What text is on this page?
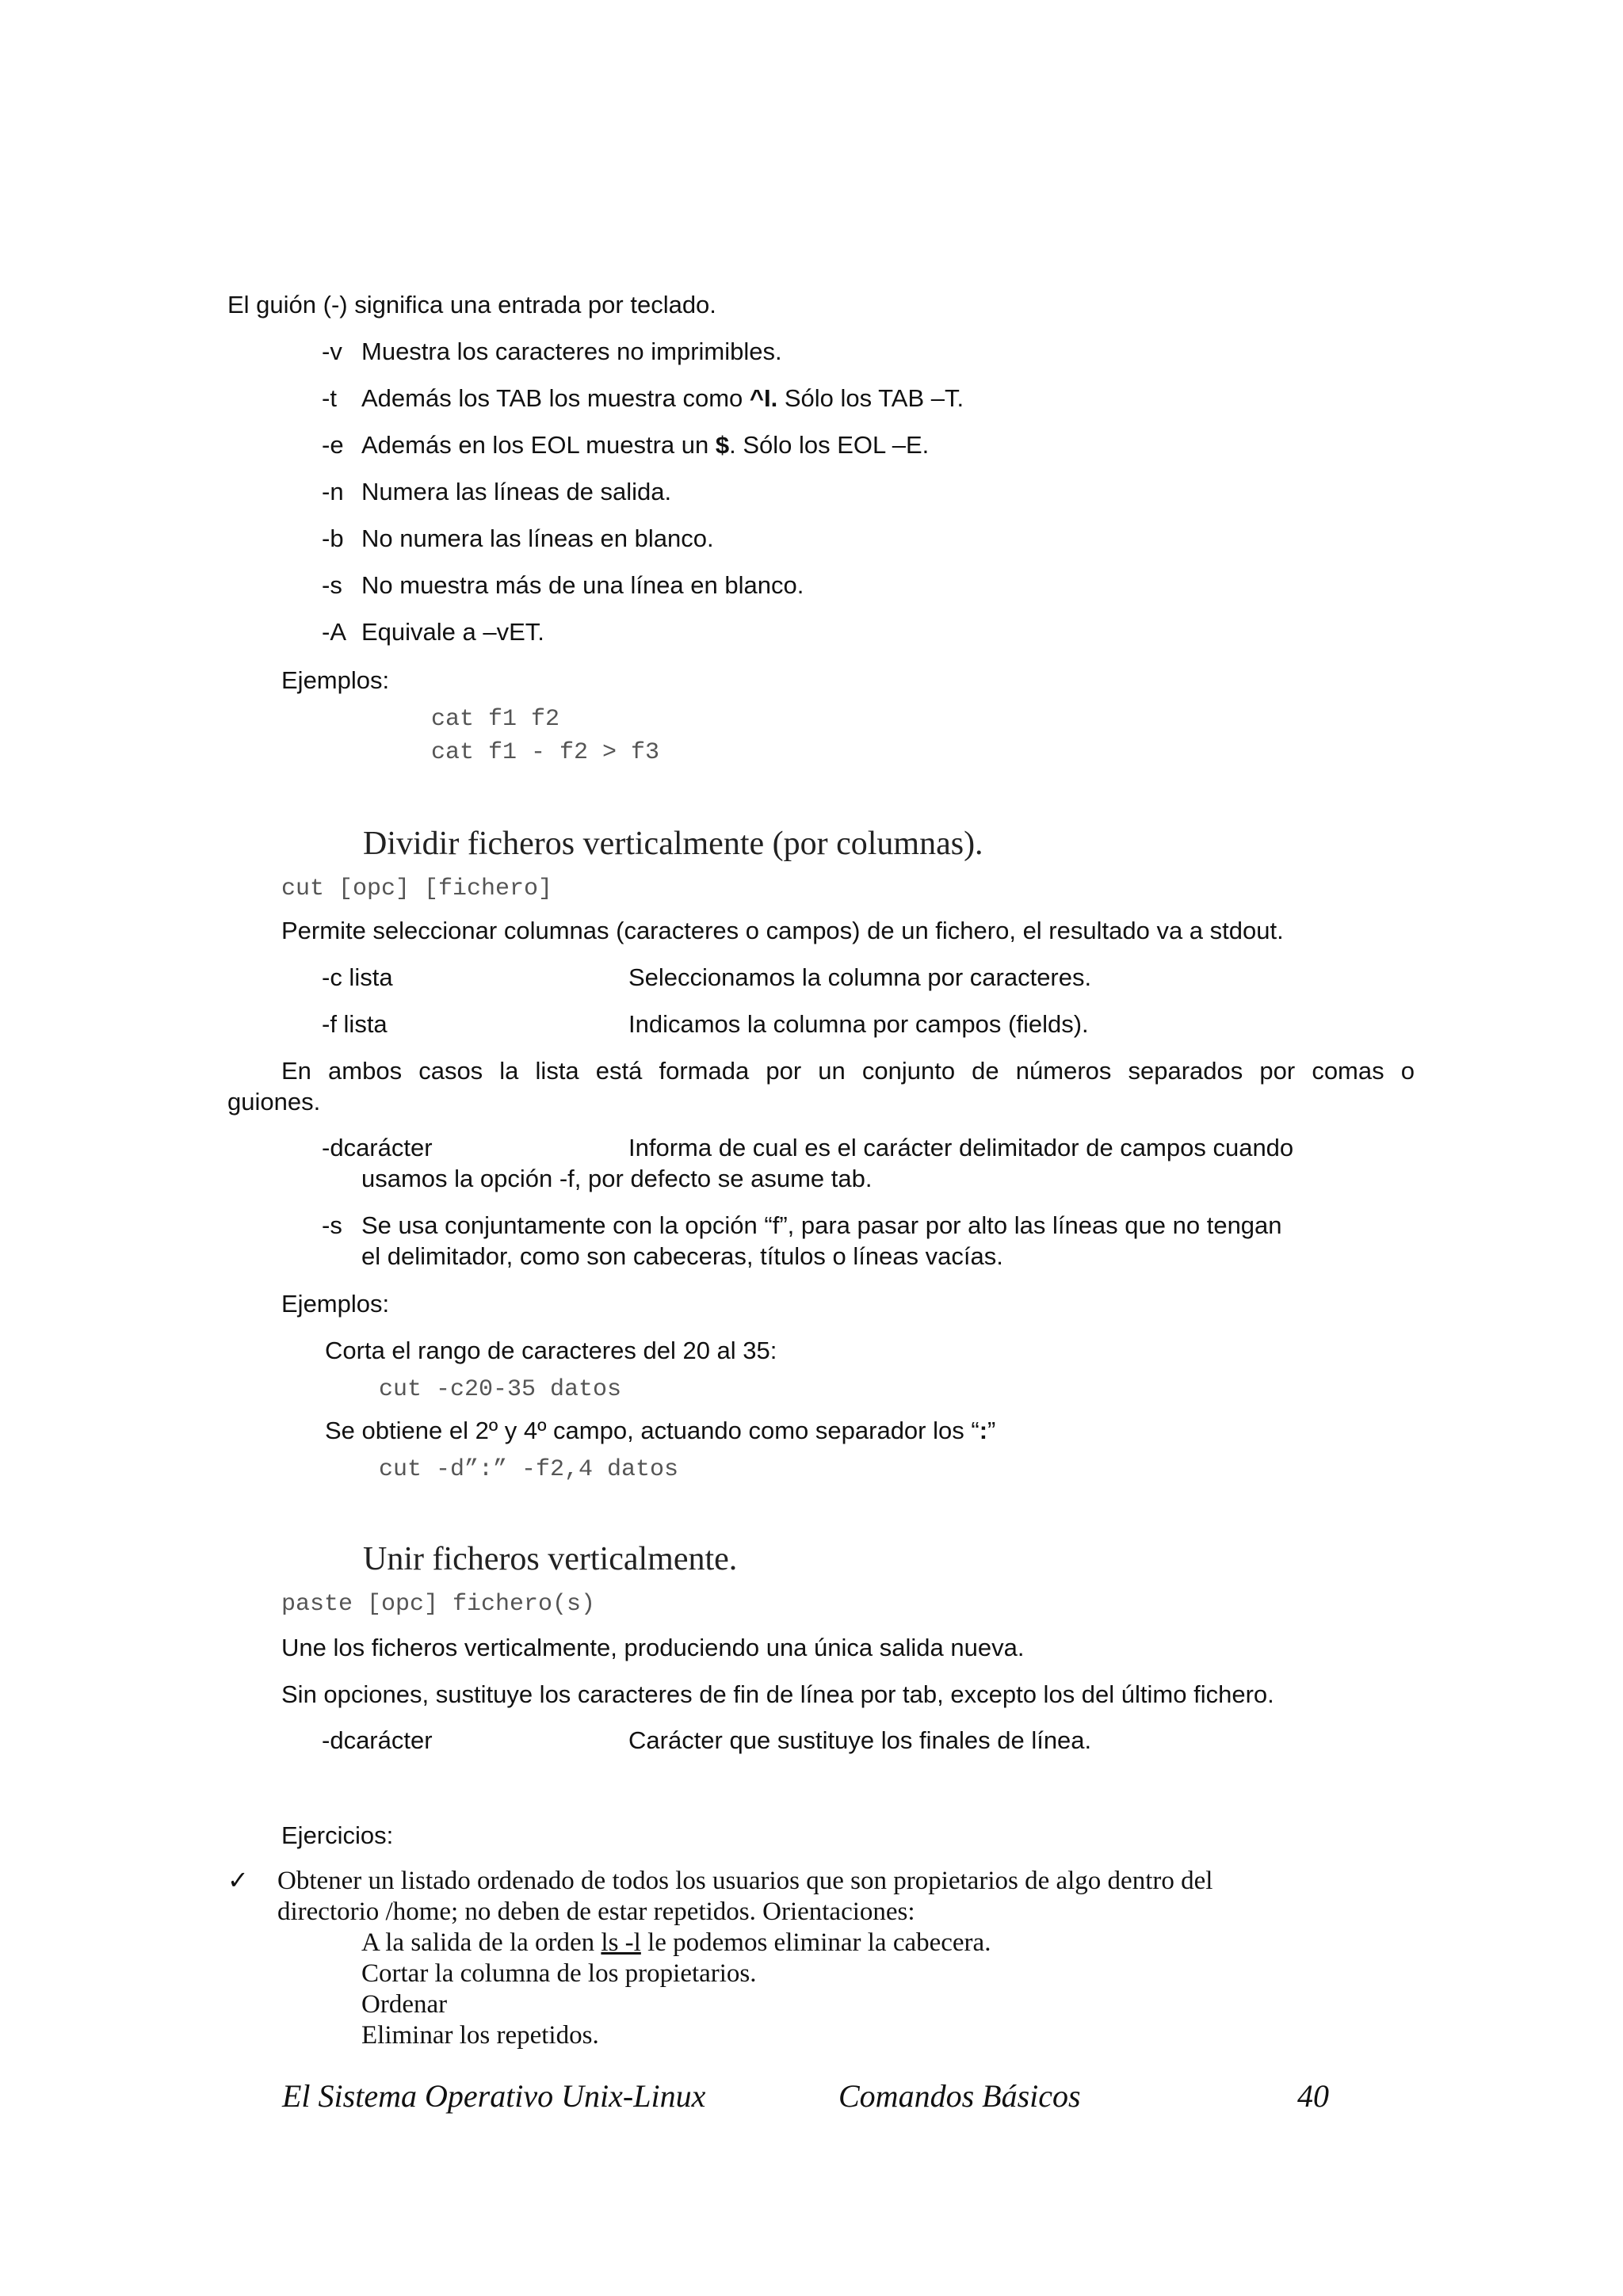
El guión (-) significa una entrada por teclado.
-v Muestra los caracteres no imprimibles.
-t Además los TAB los muestra como ^I. Sólo los TAB –T.
-e Además en los EOL muestra un $. Sólo los EOL –E.
-n Numera las líneas de salida.
-b No numera las líneas en blanco.
-s No muestra más de una línea en blanco.
-A Equivale a –vET.
Ejemplos:
cat f1 f2
cat f1 - f2 > f3
Dividir ficheros verticalmente (por columnas).
cut [opc] [fichero]
Permite seleccionar columnas (caracteres o campos) de un fichero, el resultado va a stdout.
-c lista	Seleccionamos la columna por caracteres.
-f lista	Indicamos la columna por campos (fields).
En ambos casos la lista está formada por un conjunto de números separados por comas o
guiones.
-dcarácter	Informa de cual es el carácter delimitador de campos cuando
usamos la opción -f, por defecto se asume tab.
-s Se usa conjuntamente con la opción “f”, para pasar por alto las líneas que no tengan
el delimitador, como son cabeceras, títulos o líneas vacías.
Ejemplos:
Corta el rango de caracteres del 20 al 35:
cut -c20-35 datos
Se obtiene el 2º y 4º campo, actuando como separador los “:”
cut -d”:” -f2,4 datos
Unir ficheros verticalmente.
paste [opc] fichero(s)
Une los ficheros verticalmente, produciendo una única salida nueva.
Sin opciones, sustituye los caracteres de fin de línea por tab, excepto los del último fichero.
-dcarácter	Carácter que sustituye los finales de línea.
Ejercicios:
✓ Obtener un listado ordenado de todos los usuarios que son propietarios de algo dentro del
directorio /home; no deben de estar repetidos. Orientaciones:
A la salida de la orden ls -l le podemos eliminar la cabecera.
Cortar la columna de los propietarios.
Ordenar
Eliminar los repetidos.
El Sistema Operativo Unix-Linux	Comandos Básicos	40
